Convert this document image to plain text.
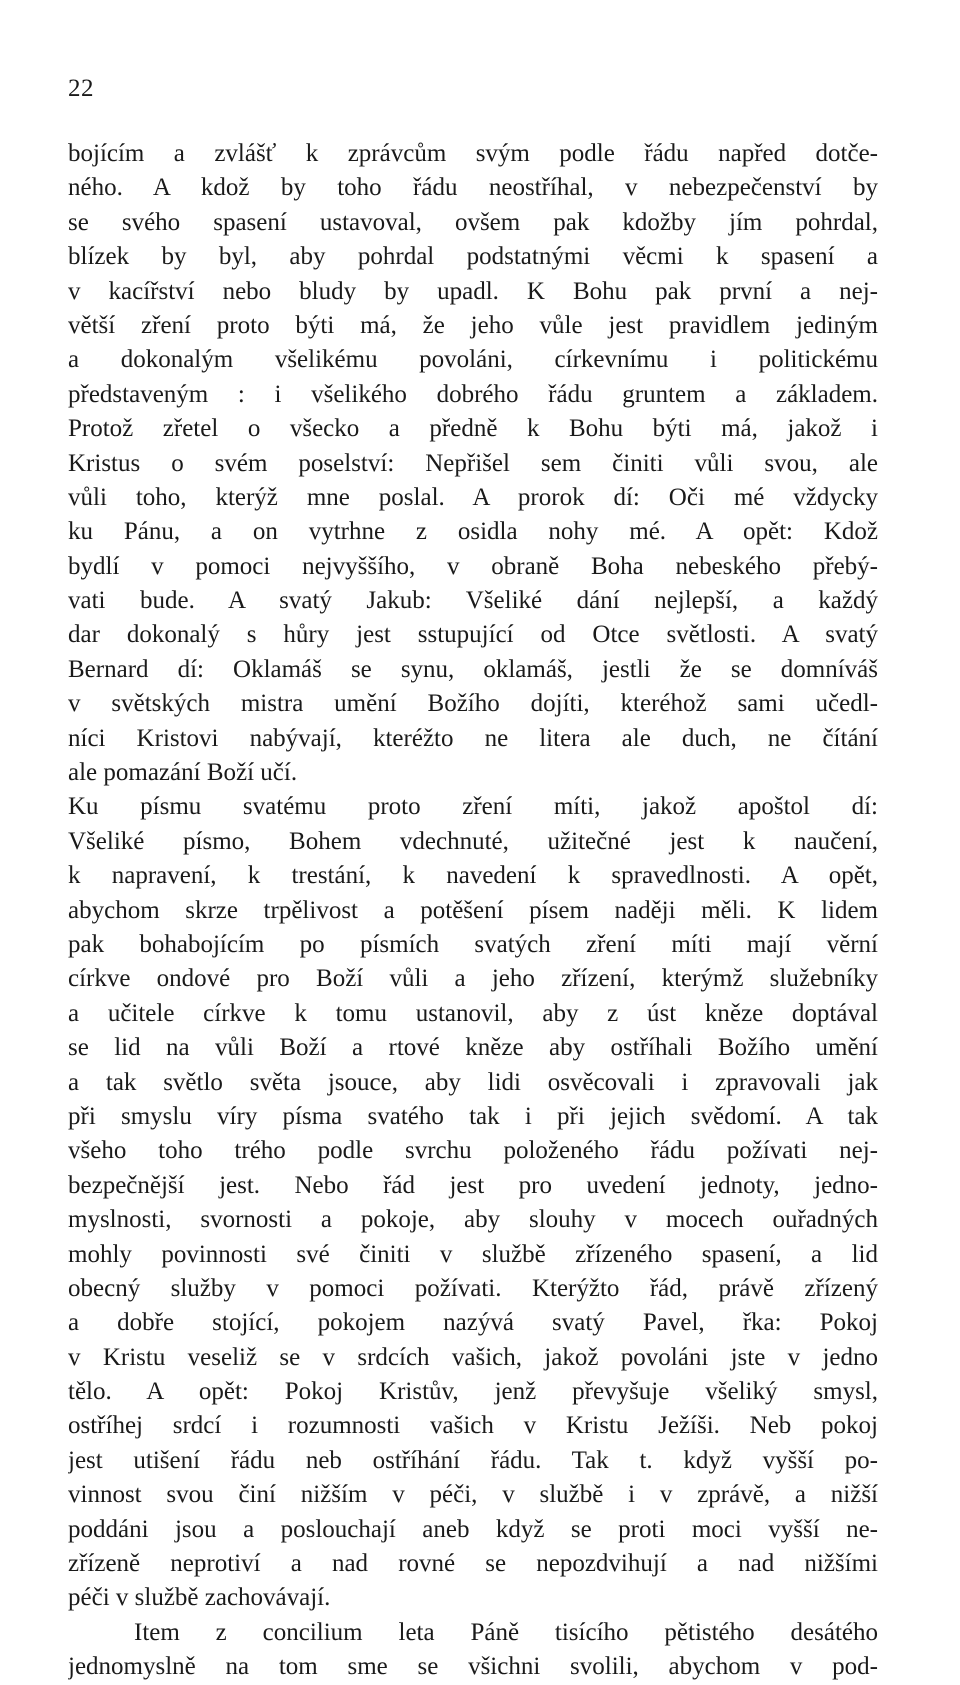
22
bojícím a zvlášť k zprávcům svým podle řádu napřed dotče-
ného. A kdož by toho řádu neostříhal, v nebezpečenství by
se svého spasení ustavoval, ovšem pak kdožby jím pohrdal,
blízek by byl, aby pohrdal podstatnými věcmi k spasení a
v kacířství nebo bludy by upadl. K Bohu pak první a nej-
větší zření proto býti má, že jeho vůle jest pravidlem jediným
a dokonalým všelikému povoláni, církevnímu i politickému
představeným : i všelikého dobrého řádu gruntem a základem.
Protož zřetel o všecko a předně k Bohu býti má, jakož i
Kristus o svém poselství: Nepřišel sem činiti vůli svou, ale
vůli toho, kterýž mne poslal. A prorok dí: Oči mé vždycky
ku Pánu, a on vytrhne z osidla nohy mé. A opět: Kdož
bydlí v pomoci nejvyššího, v obraně Boha nebeského přebý-
vati bude. A svatý Jakub: Všeliké dání nejlepší, a každý
dar dokonalý s hůry jest sstupující od Otce světlosti. A svatý
Bernard dí: Oklamáš se synu, oklamáš, jestli že se domníváš
v světských mistra umění Božího dojíti, kteréhož sami učedl-
níci Kristovi nabývají, kteréžto ne litera ale duch, ne čítání
ale pomazání Boží učí.
Ku písmu svatému proto zření míti, jakož apoštol dí:
Všeliké písmo, Bohem vdechnuté, užitečné jest k naučení,
k napravení, k trestání, k navedení k spravedlnosti. A opět,
abychom skrze trpělivost a potěšení písem naději měli. K lidem
pak bohabojícím po písmích svatých zření míti mají věrní
církve ondové pro Boží vůli a jeho zřízení, kterýmž služebníky
a učitele církve k tomu ustanovil, aby z úst kněze doptával
se lid na vůli Boží a rtové kněze aby ostříhali Božího umění
a tak světlo světa jsouce, aby lidi osvěcovali i zpravovali jak
při smyslu víry písma svatého tak i při jejich svědomí. A tak
všeho toho trého podle svrchu položeného řádu požívati nej-
bezpečnější jest. Nebo řád jest pro uvedení jednoty, jedno-
myslnosti, svornosti a pokoje, aby slouhy v mocech ouřadných
mohly povinnosti své činiti v službě zřízeného spasení, a lid
obecný služby v pomoci požívati. Kterýžto řád, právě zřízený
a dobře stojící, pokojem nazývá svatý Pavel, řka: Pokoj
v Kristu veseliž se v srdcích vašich, jakož povoláni jste v jedno
tělo. A opět: Pokoj Kristův, jenž převyšuje všeliký smysl,
ostříhej srdcí i rozumnosti vašich v Kristu Ježíši. Neb pokoj
jest utišení řádu neb ostříhání řádu. Tak t. když vyšší po-
vinnost svou činí nižším v péči, v službě i v zprávě, a nižší
poddáni jsou a poslouchají aneb když se proti moci vyšší ne-
zřízeně neprotiví a nad rovné se nepozdvihují a nad nižšími
péči v službě zachovávají.
Item z concilium leta Páně tisícího pětistého desátého
jednomyslně na tom sme se všichni svolili, abychom v pod-
